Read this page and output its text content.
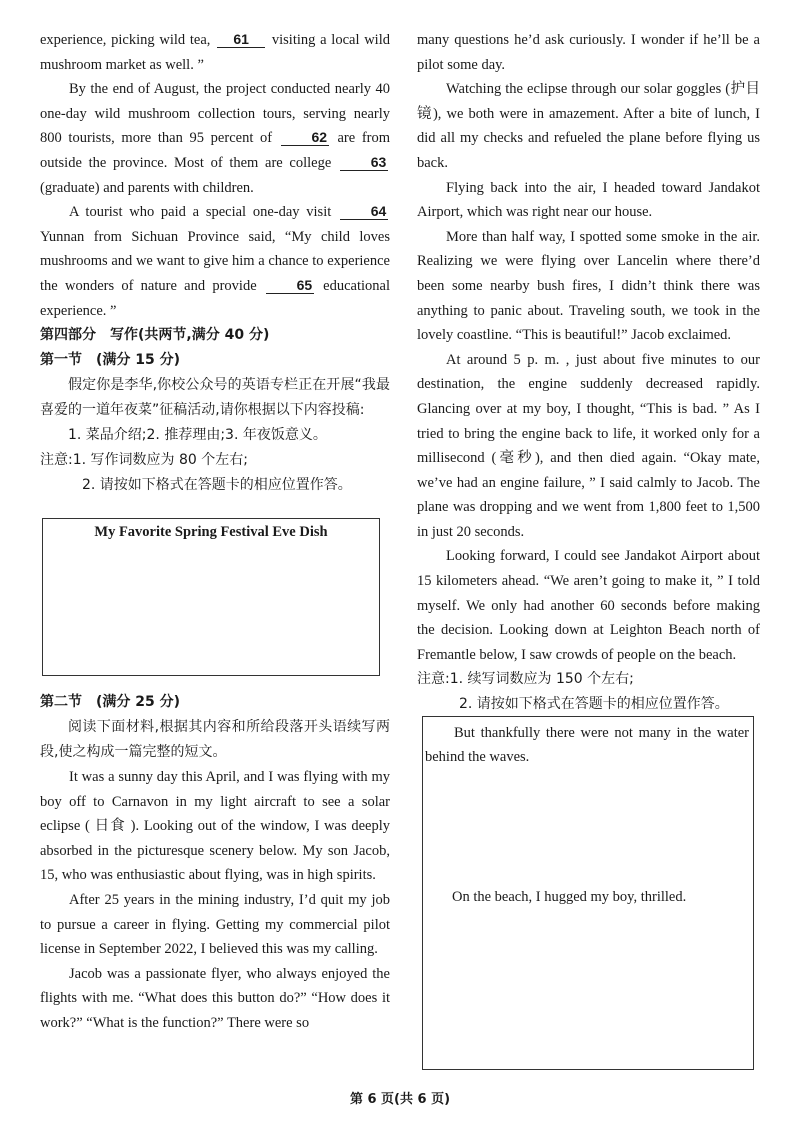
experience, picking wild tea, 61 visiting a local wild mushroom market as well. ”

By the end of August, the project conducted nearly 40 one-day wild mushroom collection tours, serving nearly 800 tourists, more than 95 percent of	62 are from outside the province. Most of them are college	63 (graduate) and parents with children.

A tourist who paid a special one-day visit	64 Yunnan from Sichuan Province said, “My child loves mushrooms and we want to give him a chance to experience the wonders of nature and provide	65 educational experience. ”

第四部分　写作(共两节,满分 40 分)

第一节　(满分 15 分)

假定你是李华,你校公众号的英语专栏正在开展“我最喜爱的一道年夜菜”征稿活动,请你根据以下内容投稿:

1. 菜品介绍;2. 推荐理由;3. 年夜饭意义。

注意:1. 写作词数应为 80 个左右;

2. 请按如下格式在答题卡的相应位置作答。

My Favorite Spring Festival Eve Dish

第二节　(满分 25 分)

阅读下面材料,根据其内容和所给段落开头语续写两段,使之构成一篇完整的短文。

It was a sunny day this April, and I was flying with my boy off to Carnavon in my light aircraft to see a solar eclipse ( 日食 ). Looking out of the window, I was deeply absorbed in the picturesque scenery below. My son Jacob, 15, who was enthusiastic about flying, was in high spirits.

After 25 years in the mining industry, I’d quit my job to pursue a career in flying. Getting my commercial pilot license in September 2022, I believed this was my calling.

Jacob was a passionate flyer, who always enjoyed the flights with me. “What does this button do?” “How does it work?” “What is the function?” There were so

many questions he’d ask curiously. I wonder if he’ll be a pilot some day.

Watching the eclipse through our solar goggles (护目镜), we both were in amazement. After a bite of lunch, I did all my checks and refueled the plane before flying us back.

Flying back into the air, I headed toward Jandakot Airport, which was right near our house.

More than half way, I spotted some smoke in the air. Realizing we were flying over Lancelin where there’d been some nearby bush fires, I didn’t think there was anything to panic about. Traveling south, we took in the lovely coastline. “This is beautiful!” Jacob exclaimed.

At around 5 p. m. , just about five minutes to our destination, the engine suddenly decreased rapidly. Glancing over at my boy, I thought, “This is bad. ” As I tried to bring the engine back to life, it worked only for a millisecond (毫秒), and then died again. “Okay mate, we’ve had an engine failure, ” I said calmly to Jacob. The plane was dropping and we went from 1,800 feet to 1,500 in just 20 seconds.

Looking forward, I could see Jandakot Airport about 15 kilometers ahead. “We aren’t going to make it, ” I told myself. We only had another 60 seconds before making the decision. Looking down at Leighton Beach north of Fremantle below, I saw crowds of people on the beach.

注意:1. 续写词数应为 150 个左右;

2. 请按如下格式在答题卡的相应位置作答。

But thankfully there were not many in the water behind the waves.

On the beach, I hugged my boy, thrilled.

第 6 页(共 6 页)
